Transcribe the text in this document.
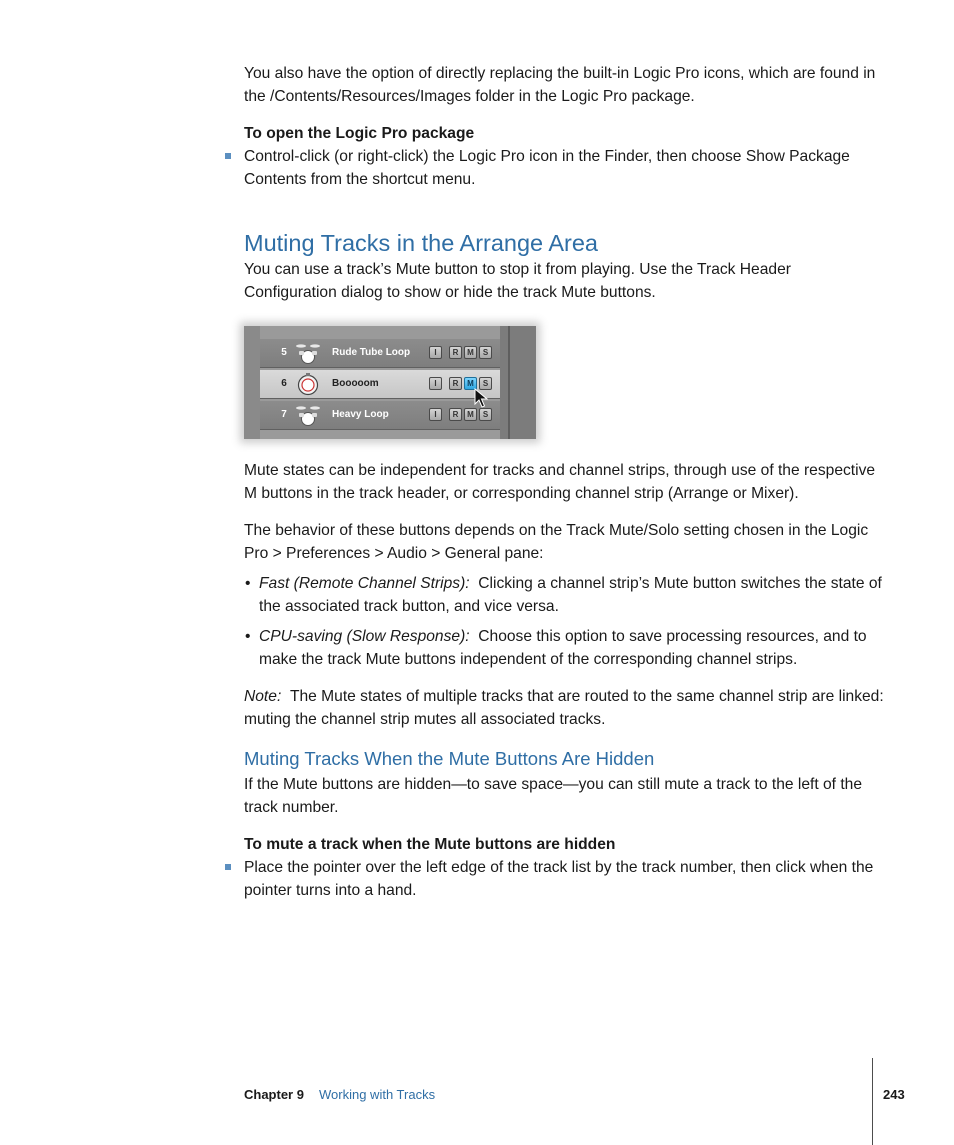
You also have the option of directly replacing the built-in Logic Pro icons, which are found in the /Contents/Resources/Images folder in the Logic Pro package.
To open the Logic Pro package
Control-click (or right-click) the Logic Pro icon in the Finder, then choose Show Package Contents from the shortcut menu.
Muting Tracks in the Arrange Area
You can use a track’s Mute button to stop it from playing. Use the Track Header Configuration dialog to show or hide the track Mute buttons.
5	Rude Tube Loop	I	R	M	S
6	Booooom	I	R	M	S
7	Heavy Loop	I	R	M	S
Mute states can be independent for tracks and channel strips, through use of the respective M buttons in the track header, or corresponding channel strip (Arrange or Mixer).
The behavior of these buttons depends on the Track Mute/Solo setting chosen in the Logic Pro > Preferences > Audio > General pane:
• Fast (Remote Channel Strips): Clicking a channel strip’s Mute button switches the state of the associated track button, and vice versa.
• CPU-saving (Slow Response): Choose this option to save processing resources, and to make the track Mute buttons independent of the corresponding channel strips.
Note: The Mute states of multiple tracks that are routed to the same channel strip are linked: muting the channel strip mutes all associated tracks.
Muting Tracks When the Mute Buttons Are Hidden
If the Mute buttons are hidden—to save space—you can still mute a track to the left of the track number.
To mute a track when the Mute buttons are hidden
Place the pointer over the left edge of the track list by the track number, then click when the pointer turns into a hand.
Chapter 9 Working with Tracks	243
